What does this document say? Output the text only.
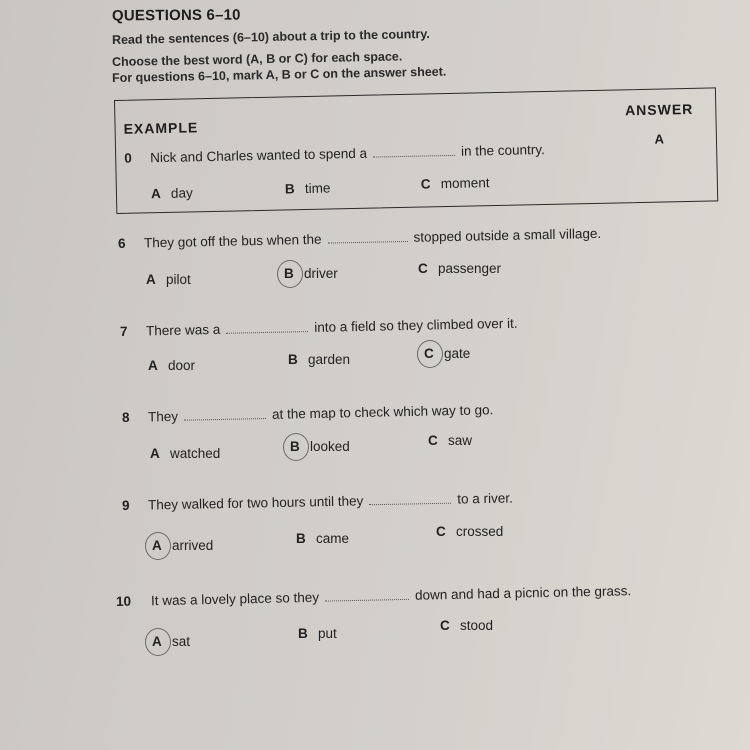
QUESTIONS 6–10
Read the sentences (6–10) about a trip to the country.
Choose the best word (A, B or C) for each space.
For questions 6–10, mark A, B or C on the answer sheet.
EXAMPLE
ANSWER
A
0 Nick and Charles wanted to spend a	in the country.
A day	B time	C moment
6 They got off the bus when the	stopped outside a small village.
A pilot	B driver	C passenger
7 There was a	into a field so they climbed over it.
A door	B garden	C gate
8 They	at the map to check which way to go.
A watched	B looked	C saw
9 They walked for two hours until they	to a river.
A arrived	B came	C crossed
10 It was a lovely place so they	down and had a picnic on the grass.
A sat
B put
C stood
